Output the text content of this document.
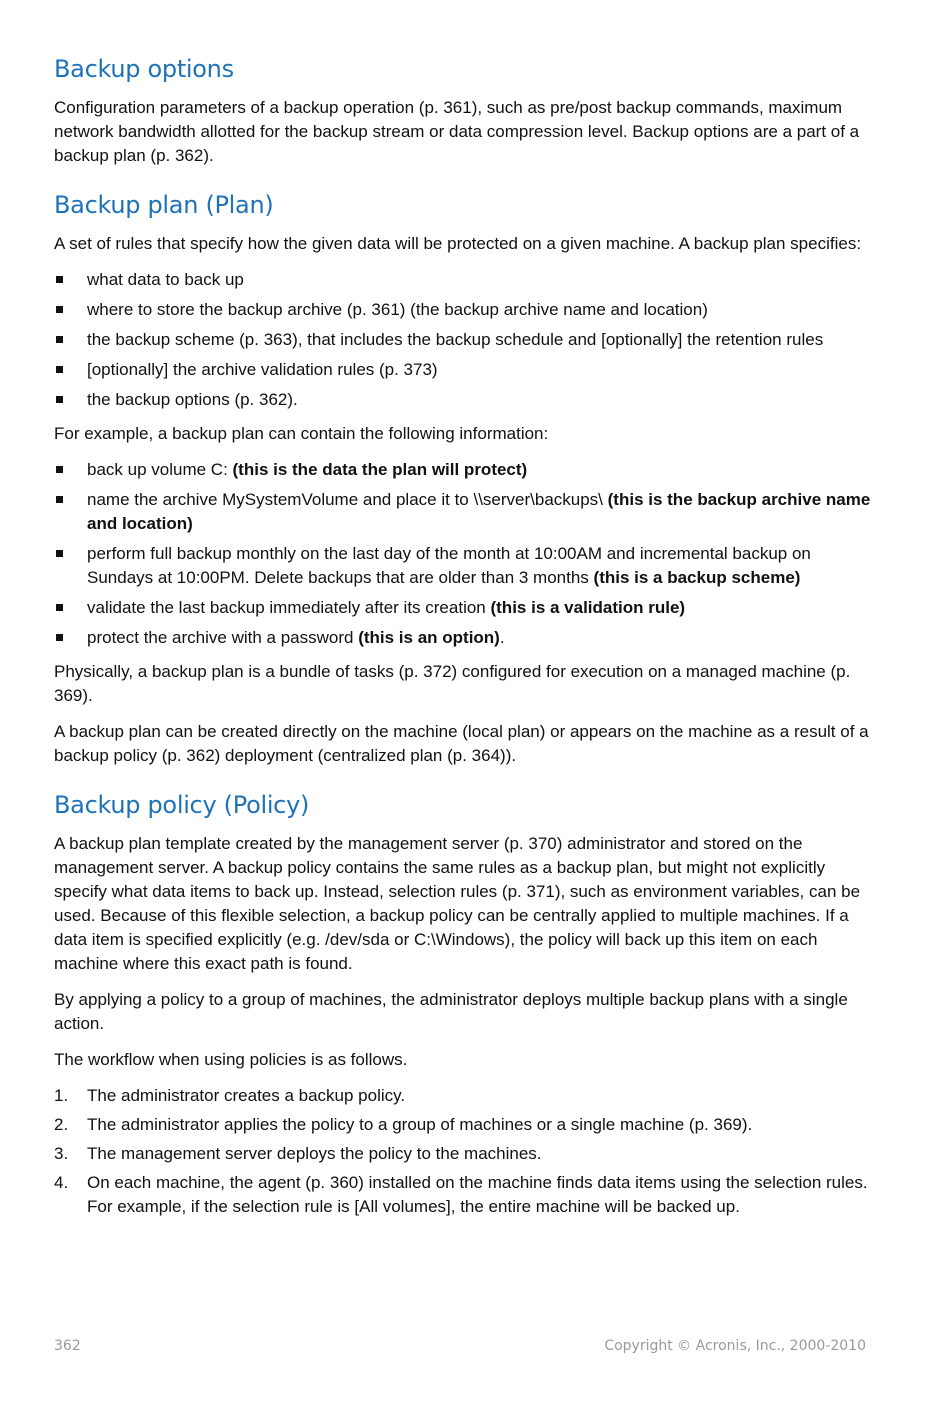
Backup options

Configuration parameters of a backup operation (p. 361), such as pre/post backup commands, maximum network bandwidth allotted for the backup stream or data compression level. Backup options are a part of a backup plan (p. 362).

Backup plan (Plan)

A set of rules that specify how the given data will be protected on a given machine. A backup plan specifies:

what data to back up
where to store the backup archive (p. 361) (the backup archive name and location)
the backup scheme (p. 363), that includes the backup schedule and [optionally] the retention rules
[optionally] the archive validation rules (p. 373)
the backup options (p. 362).

For example, a backup plan can contain the following information:

back up volume C: (this is the data the plan will protect)
name the archive MySystemVolume and place it to \\server\backups\ (this is the backup archive name and location)
perform full backup monthly on the last day of the month at 10:00AM and incremental backup on Sundays at 10:00PM. Delete backups that are older than 3 months (this is a backup scheme)
validate the last backup immediately after its creation (this is a validation rule)
protect the archive with a password (this is an option).

Physically, a backup plan is a bundle of tasks (p. 372) configured for execution on a managed machine (p. 369).

A backup plan can be created directly on the machine (local plan) or appears on the machine as a result of a backup policy (p. 362) deployment (centralized plan (p. 364)).

Backup policy (Policy)

A backup plan template created by the management server (p. 370) administrator and stored on the management server. A backup policy contains the same rules as a backup plan, but might not explicitly specify what data items to back up. Instead, selection rules (p. 371), such as environment variables, can be used. Because of this flexible selection, a backup policy can be centrally applied to multiple machines. If a data item is specified explicitly (e.g. /dev/sda or C:\Windows), the policy will back up this item on each machine where this exact path is found.

By applying a policy to a group of machines, the administrator deploys multiple backup plans with a single action.

The workflow when using policies is as follows.

1. The administrator creates a backup policy.
2. The administrator applies the policy to a group of machines or a single machine (p. 369).
3. The management server deploys the policy to the machines.
4. On each machine, the agent (p. 360) installed on the machine finds data items using the selection rules. For example, if the selection rule is [All volumes], the entire machine will be backed up.
362	Copyright © Acronis, Inc., 2000-2010
